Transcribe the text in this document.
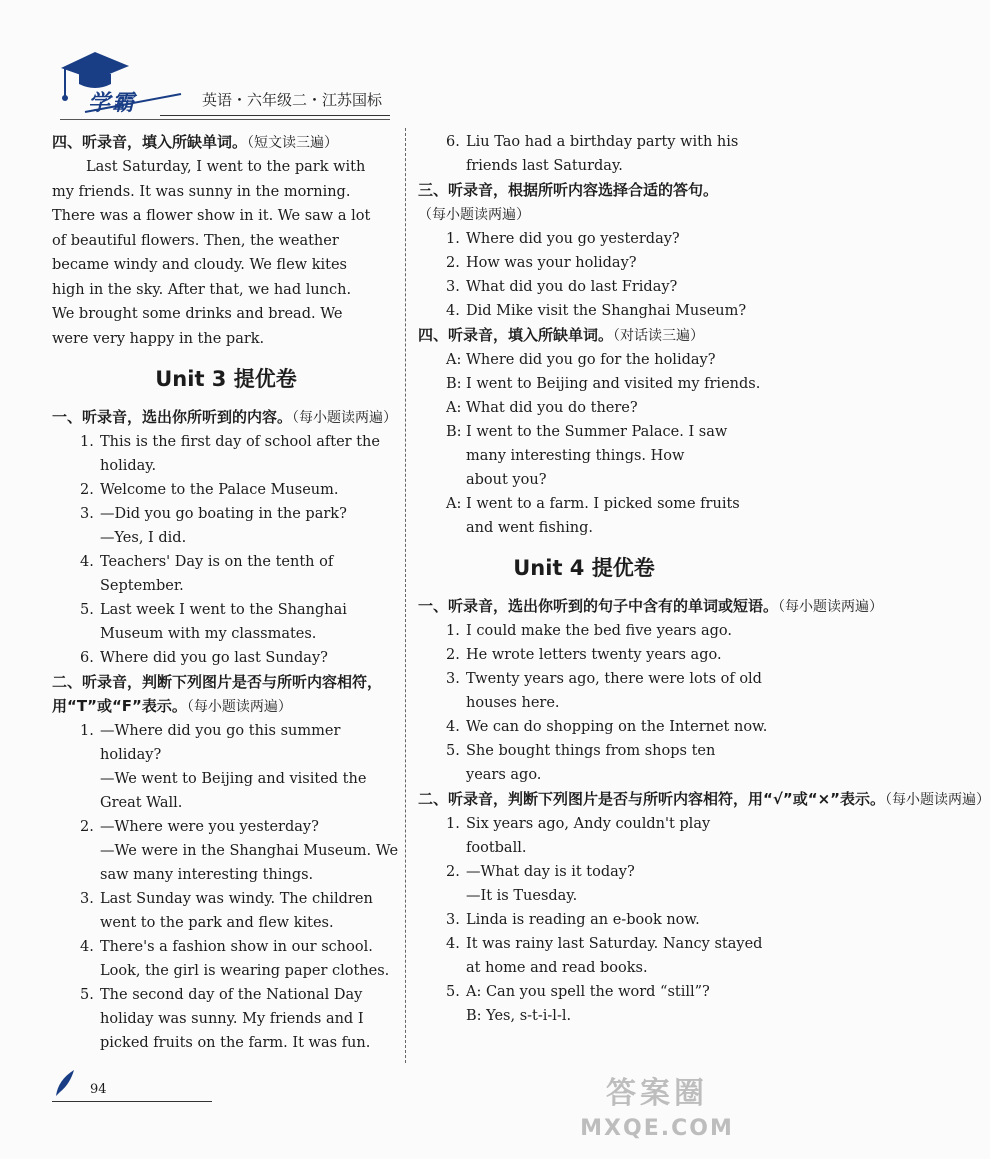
学霸	英语・六年级二・江苏国标
四、听录音，填入所缺单词。（短文读三遍）
Last Saturday, I went to the park with
my friends. It was sunny in the morning.
There was a flower show in it. We saw a lot
of beautiful flowers. Then, the weather
became windy and cloudy. We flew kites
high in the sky. After that, we had lunch.
We brought some drinks and bread. We
were very happy in the park.
Unit 3 提优卷
一、听录音，选出你所听到的内容。（每小题读两遍）
1. This is the first day of school after the
holiday.
2. Welcome to the Palace Museum.
3. —Did you go boating in the park?
—Yes, I did.
4. Teachers' Day is on the tenth of
September.
5. Last week I went to the Shanghai
Museum with my classmates.
6. Where did you go last Sunday?
二、听录音，判断下列图片是否与所听内容相符，用“T”或“F”表示。（每小题读两遍）
1. —Where did you go this summer
holiday?
—We went to Beijing and visited the
Great Wall.
2. —Where were you yesterday?
—We were in the Shanghai Museum. We
saw many interesting things.
3. Last Sunday was windy. The children
went to the park and flew kites.
4. There's a fashion show in our school.
Look, the girl is wearing paper clothes.
5. The second day of the National Day
holiday was sunny. My friends and I
picked fruits on the farm. It was fun.
6. Liu Tao had a birthday party with his
friends last Saturday.
三、听录音，根据所听内容选择合适的答句。
（每小题读两遍）
1. Where did you go yesterday?
2. How was your holiday?
3. What did you do last Friday?
4. Did Mike visit the Shanghai Museum?
四、听录音，填入所缺单词。（对话读三遍）
A: Where did you go for the holiday?
B: I went to Beijing and visited my friends.
A: What did you do there?
B: I went to the Summer Palace. I saw
many interesting things. How
about you?
A: I went to a farm. I picked some fruits
and went fishing.
Unit 4 提优卷
一、听录音，选出你听到的句子中含有的单词或短语。（每小题读两遍）
1. I could make the bed five years ago.
2. He wrote letters twenty years ago.
3. Twenty years ago, there were lots of old
houses here.
4. We can do shopping on the Internet now.
5. She bought things from shops ten
years ago.
二、听录音，判断下列图片是否与所听内容相符，用“√”或“×”表示。（每小题读两遍）
1. Six years ago, Andy couldn't play
football.
2. —What day is it today?
—It is Tuesday.
3. Linda is reading an e-book now.
4. It was rainy last Saturday. Nancy stayed
at home and read books.
5. A: Can you spell the word “still”?
B: Yes, s-t-i-l-l.
94	答案圈
MXQE.COM
